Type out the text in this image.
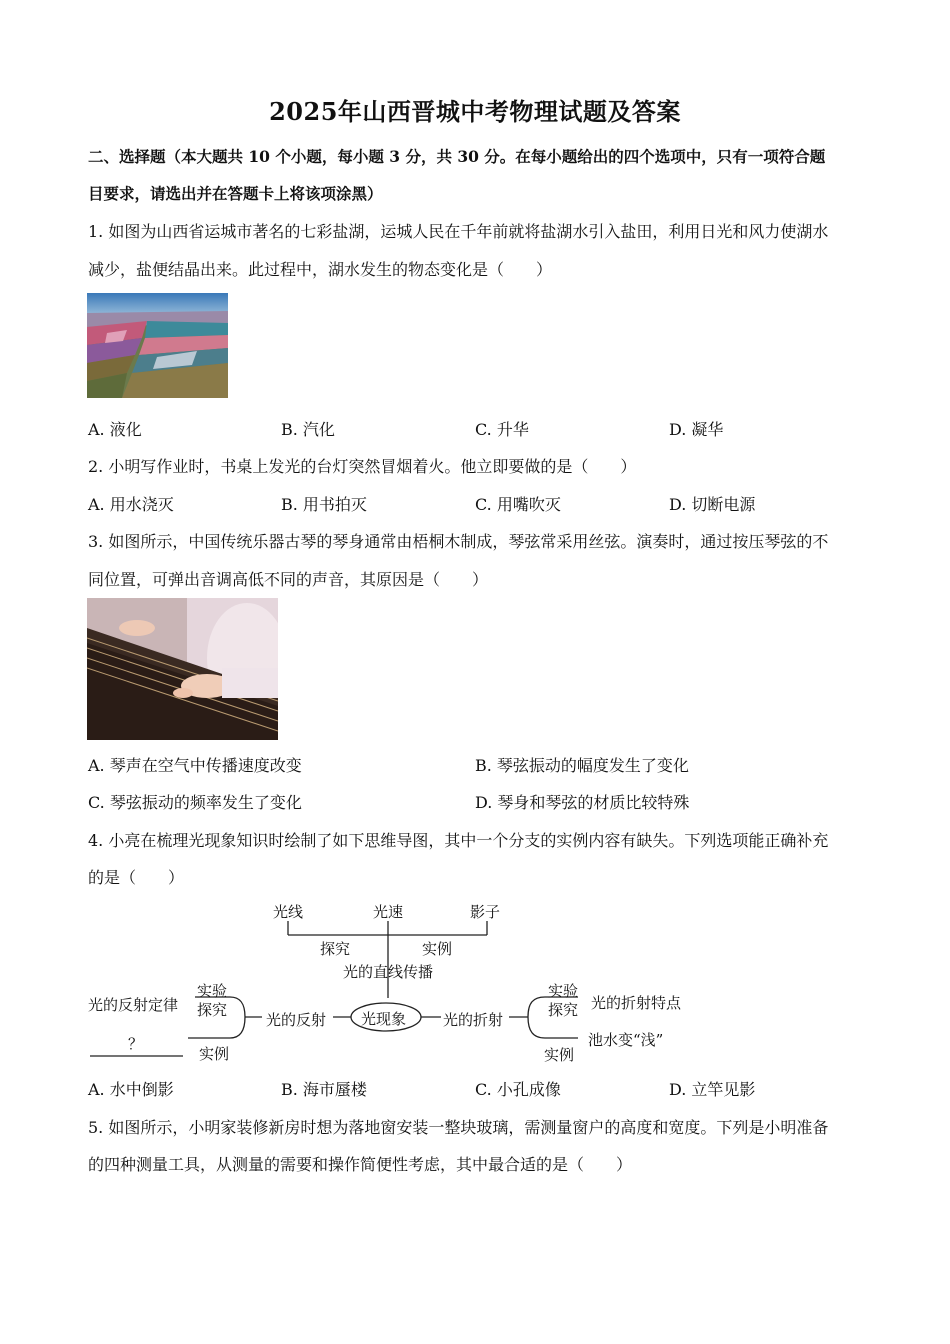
2025年山西晋城中考物理试题及答案
二、选择题（本大题共 10 个小题，每小题 3 分，共 30 分。在每小题给出的四个选项中，只有一项符合题
目要求，请选出并在答题卡上将该项涂黑）
1. 如图为山西省运城市著名的七彩盐湖，运城人民在千年前就将盐湖水引入盐田，利用日光和风力使湖水
减少，盐便结晶出来。此过程中，湖水发生的物态变化是（　　）
A. 液化	B. 汽化	C. 升华	D. 凝华
2. 小明写作业时，书桌上发光的台灯突然冒烟着火。他立即要做的是（　　）
A. 用水浇灭	B. 用书拍灭	C. 用嘴吹灭	D. 切断电源
3. 如图所示，中国传统乐器古琴的琴身通常由梧桐木制成，琴弦常采用丝弦。演奏时，通过按压琴弦的不
同位置，可弹出音调高低不同的声音，其原因是（　　）
A. 琴声在空气中传播速度改变	B. 琴弦振动的幅度发生了变化
C. 琴弦振动的频率发生了变化	D. 琴身和琴弦的材质比较特殊
4. 小亮在梳理光现象知识时绘制了如下思维导图，其中一个分支的实例内容有缺失。下列选项能正确补充
的是（　　）
光线	光速	影子
探究	实例
光的直线传播
光现象
光的反射	光的折射
实验
探究
光的反射定律
？
实例
实验
探究 光的折射特点
池水变“浅”
实例
A. 水中倒影	B. 海市蜃楼	C. 小孔成像	D. 立竿见影
5. 如图所示，小明家装修新房时想为落地窗安装一整块玻璃，需测量窗户的高度和宽度。下列是小明准备
的四种测量工具，从测量的需要和操作简便性考虑，其中最合适的是（　　）
